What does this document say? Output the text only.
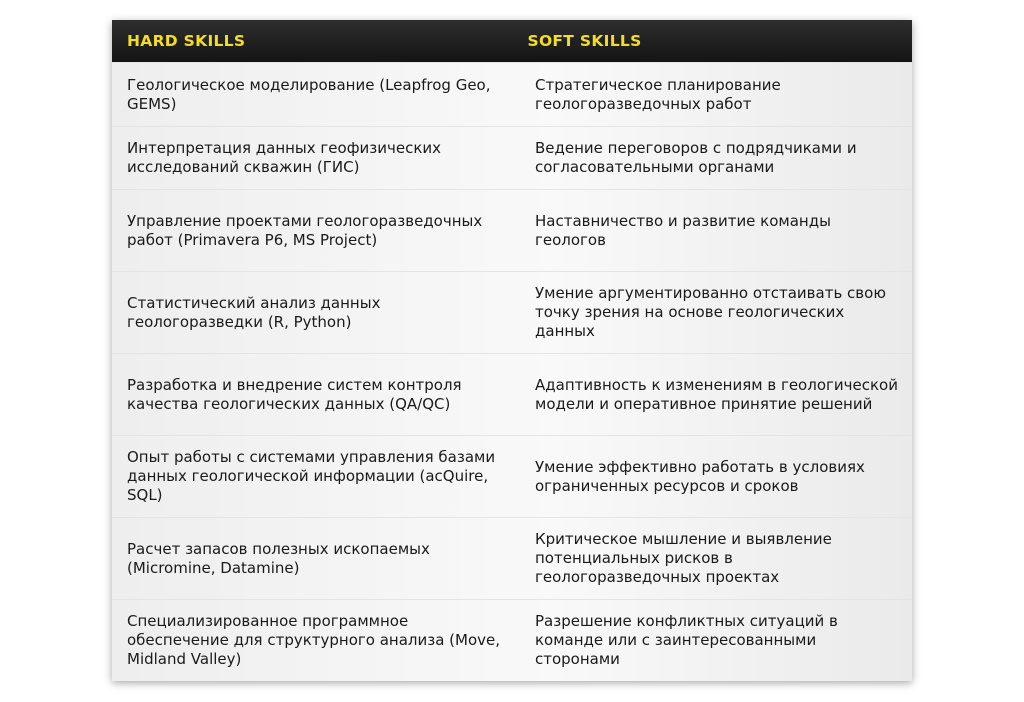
HARD SKILLS	SOFT SKILLS
Геологическое моделирование (Leapfrog Geo, GEMS)
Стратегическое планирование геологоразведочных работ
Интерпретация данных геофизических исследований скважин (ГИС)
Ведение переговоров с подрядчиками и согласовательными органами
Управление проектами геологоразведочных работ (Primavera P6, MS Project)
Наставничество и развитие команды геологов
Статистический анализ данных геологоразведки (R, Python)
Умение аргументированно отстаивать свою точку зрения на основе геологических данных
Разработка и внедрение систем контроля качества геологических данных (QA/QC)
Адаптивность к изменениям в геологической модели и оперативное принятие решений
Опыт работы с системами управления базами данных геологической информации (acQuire, SQL)
Умение эффективно работать в условиях ограниченных ресурсов и сроков
Расчет запасов полезных ископаемых (Micromine, Datamine)
Критическое мышление и выявление потенциальных рисков в геологоразведочных проектах
Специализированное программное обеспечение для структурного анализа (Move, Midland Valley)
Разрешение конфликтных ситуаций в команде или с заинтересованными сторонами
